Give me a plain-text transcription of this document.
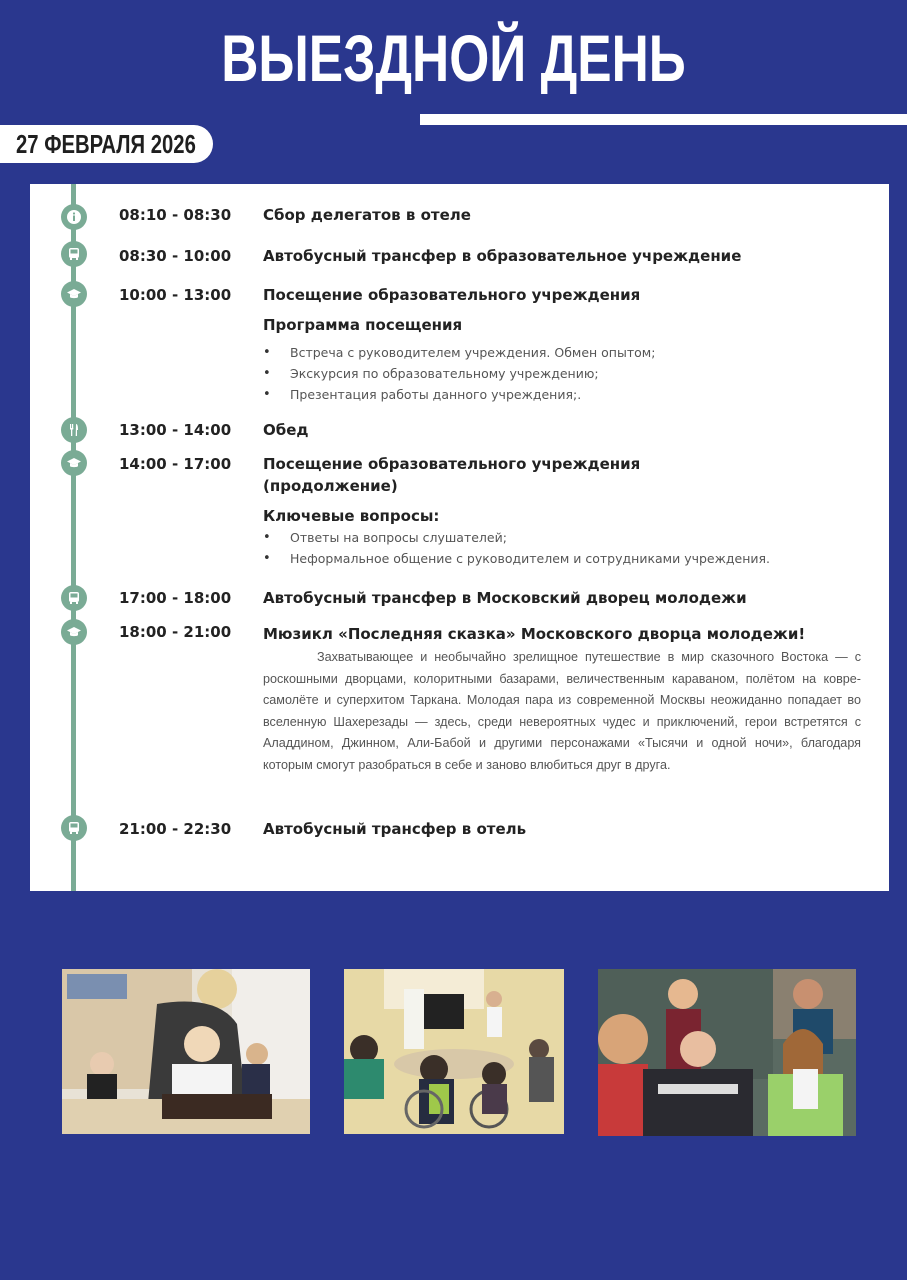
ВЫЕЗДНОЙ ДЕНЬ
27 ФЕВРАЛЯ 2026
08:10 - 08:30 Сбор делегатов в отеле
08:30 - 10:00 Автобусный трансфер в образовательное учреждение
10:00 - 13:00 Посещение образовательного учреждения
Программа посещения
• Встреча с руководителем учреждения. Обмен опытом;
• Экскурсия по образовательному учреждению;
• Презентация работы данного учреждения;.
13:00 - 14:00 Обед
14:00 - 17:00 Посещение образовательного учреждения
(продолжение)
Ключевые вопросы:
• Ответы на вопросы слушателей;
• Неформальное общение с руководителем и сотрудниками учреждения.
17:00 - 18:00 Автобусный трансфер в Московский дворец молодежи
18:00 - 21:00 Мюзикл «Последняя сказка» Московского дворца молодежи!

Захватывающее и необычайно зрелищное путешествие в мир сказочного Востока — с роскошными дворцами, колоритными базарами, величественным караваном, полётом на ковре-самолёте и суперхитом Таркана. Молодая пара из современной Москвы неожиданно попадает во вселенную Шахерезады — здесь, среди невероятных чудес и приключений, герои встретятся с Аладдином, Джинном, Али-Бабой и другими персонажами «Тысячи и одной ночи», благодаря которым смогут разобраться в себе и заново влюбиться друг в друга.

21:00 - 22:30 Автобусный трансфер в отель
